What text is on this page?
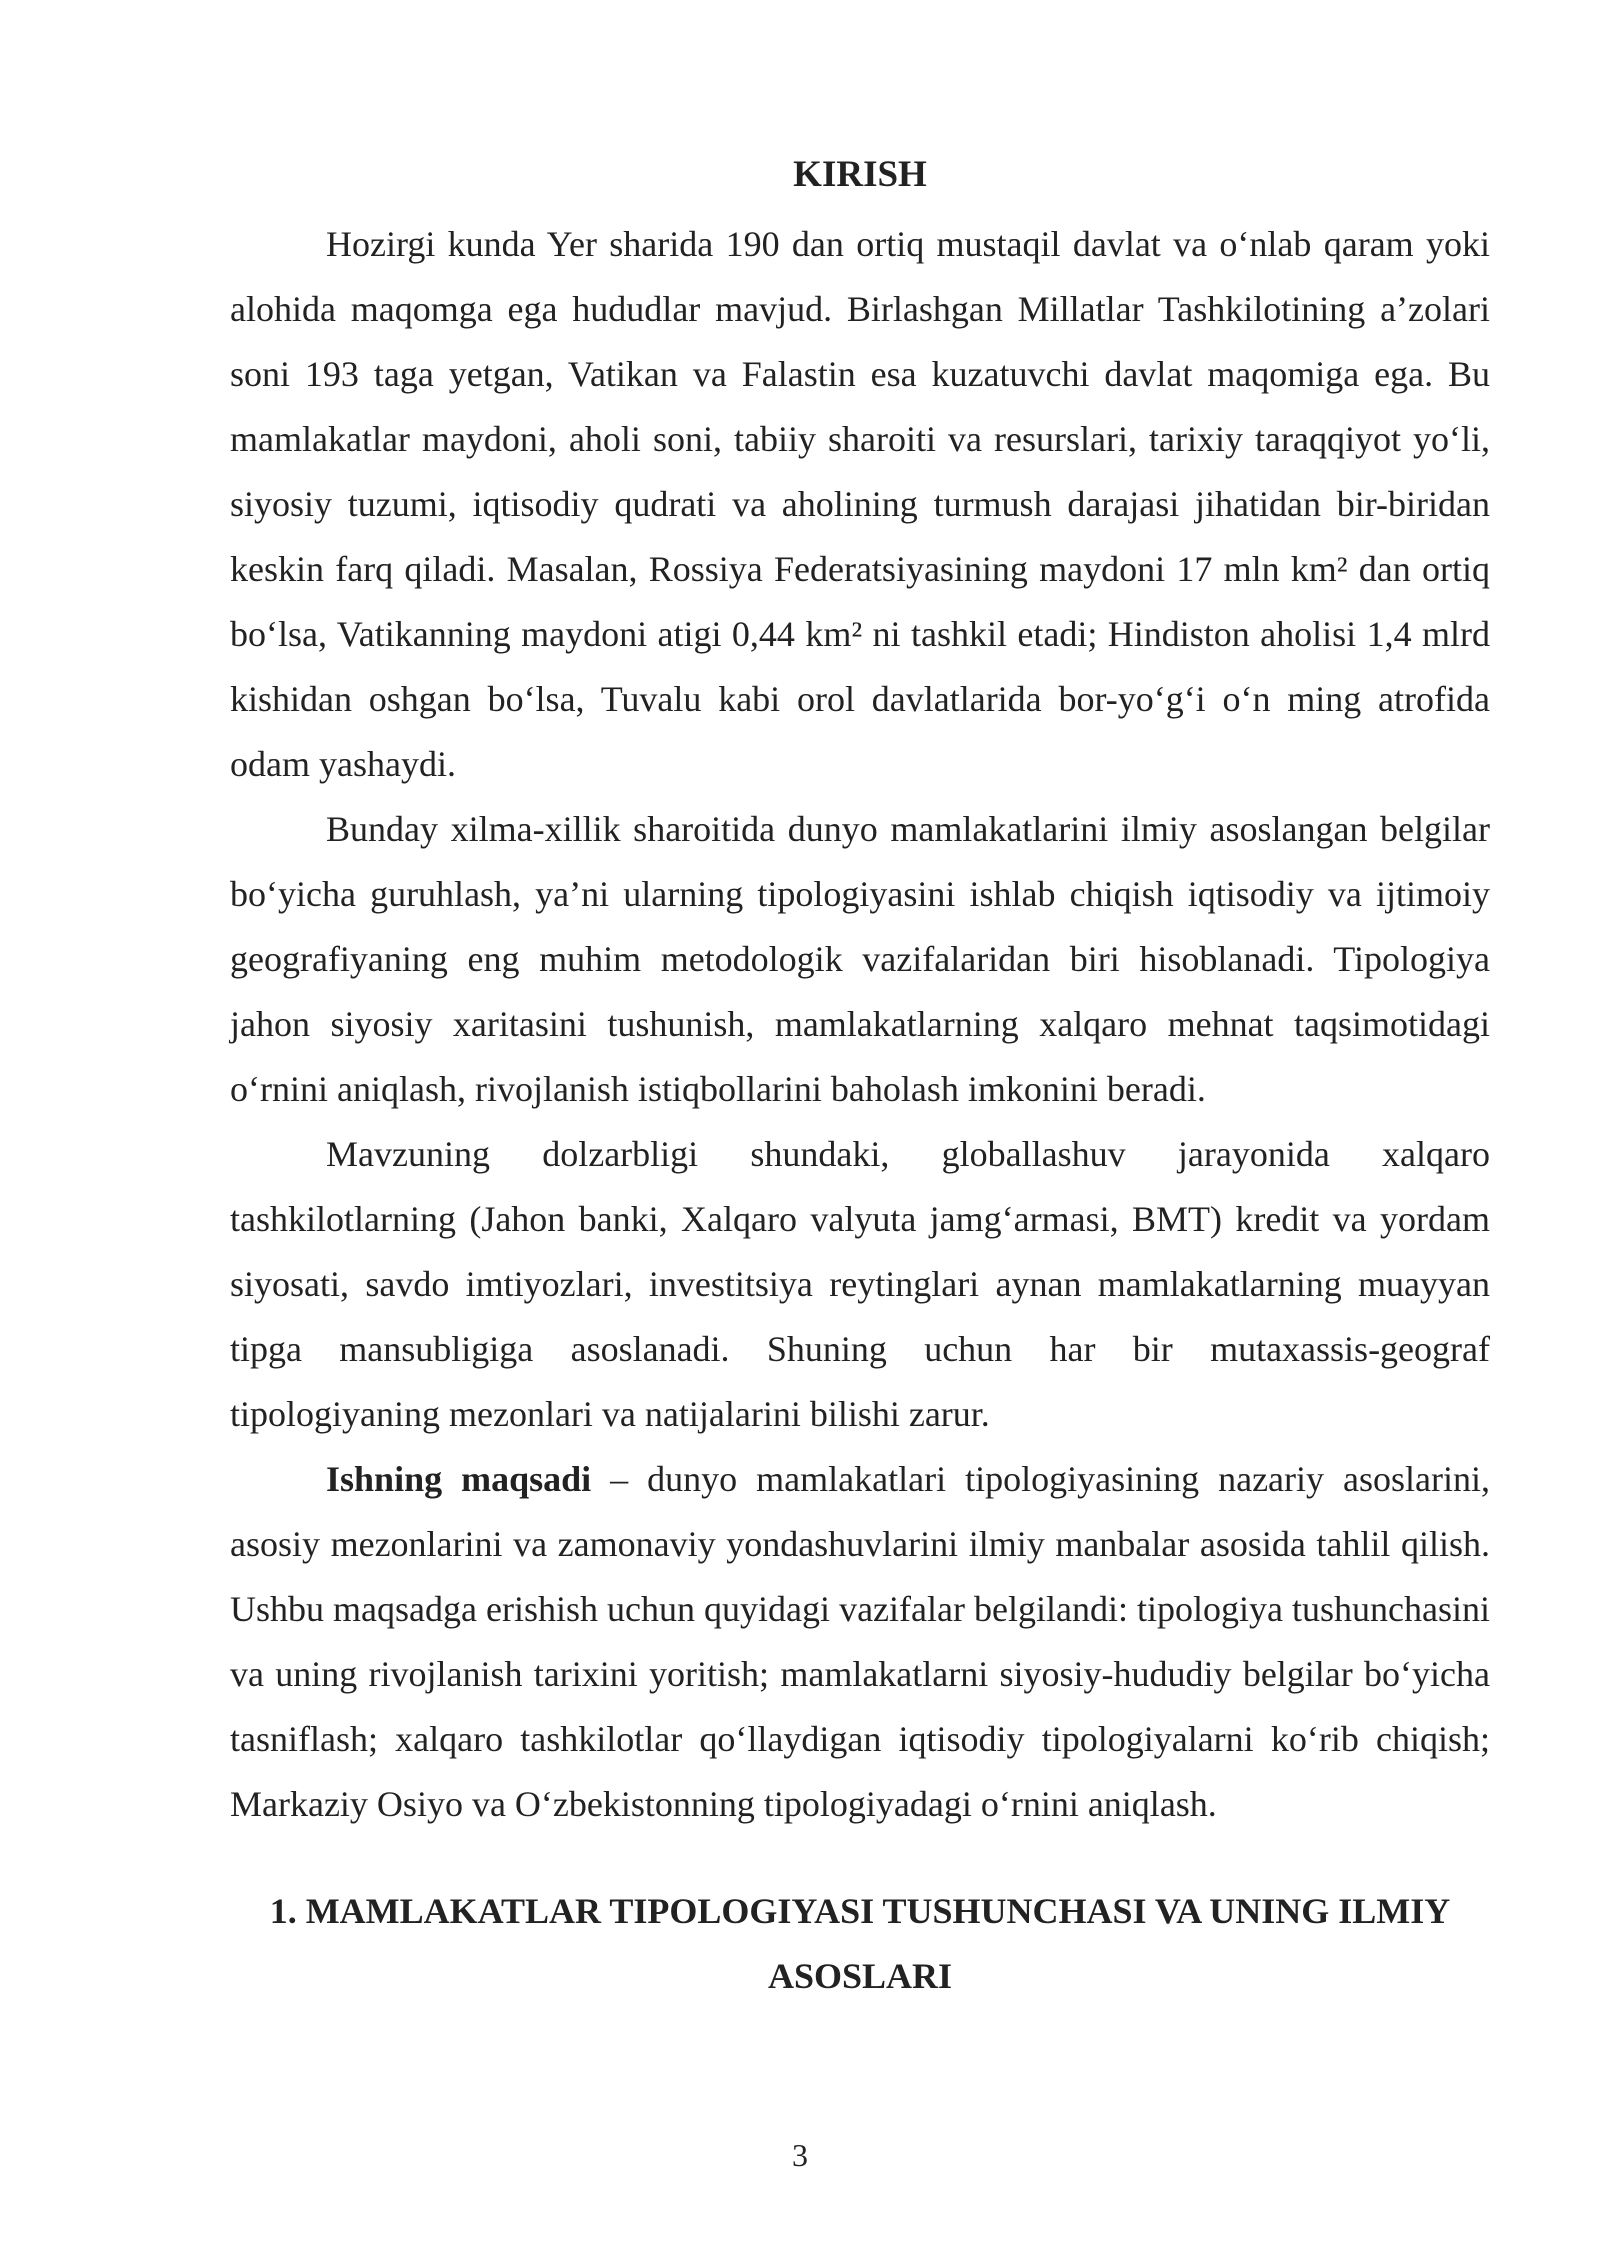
KIRISH

Hozirgi kunda Yer sharida 190 dan ortiq mustaqil davlat va o‘nlab qaram yoki alohida maqomga ega hududlar mavjud. Birlashgan Millatlar Tashkilotining a’zolari soni 193 taga yetgan, Vatikan va Falastin esa kuzatuvchi davlat maqomiga ega. Bu mamlakatlar maydoni, aholi soni, tabiiy sharoiti va resurslari, tarixiy taraqqiyot yo‘li, siyosiy tuzumi, iqtisodiy qudrati va aholining turmush darajasi jihatidan bir-biridan keskin farq qiladi. Masalan, Rossiya Federatsiyasining maydoni 17 mln km² dan ortiq bo‘lsa, Vatikanning maydoni atigi 0,44 km² ni tashkil etadi; Hindiston aholisi 1,4 mlrd kishidan oshgan bo‘lsa, Tuvalu kabi orol davlatlarida bor-yo‘g‘i o‘n ming atrofida odam yashaydi.

Bunday xilma-xillik sharoitida dunyo mamlakatlarini ilmiy asoslangan belgilar bo‘yicha guruhlash, ya’ni ularning tipologiyasini ishlab chiqish iqtisodiy va ijtimoiy geografiyaning eng muhim metodologik vazifalaridan biri hisoblanadi. Tipologiya jahon siyosiy xaritasini tushunish, mamlakatlarning xalqaro mehnat taqsimotidagi o‘rnini aniqlash, rivojlanish istiqbollarini baholash imkonini beradi.

Mavzuning dolzarbligi shundaki, globallashuv jarayonida xalqaro tashkilotlarning (Jahon banki, Xalqaro valyuta jamg‘armasi, BMT) kredit va yordam siyosati, savdo imtiyozlari, investitsiya reytinglari aynan mamlakatlarning muayyan tipga mansubligiga asoslanadi. Shuning uchun har bir mutaxassis-geograf tipologiyaning mezonlari va natijalarini bilishi zarur.

Ishning maqsadi – dunyo mamlakatlari tipologiyasining nazariy asoslarini, asosiy mezonlarini va zamonaviy yondashuvlarini ilmiy manbalar asosida tahlil qilish. Ushbu maqsadga erishish uchun quyidagi vazifalar belgilandi: tipologiya tushunchasini va uning rivojlanish tarixini yoritish; mamlakatlarni siyosiy-hududiy belgilar bo‘yicha tasniflash; xalqaro tashkilotlar qo‘llaydigan iqtisodiy tipologiyalarni ko‘rib chiqish; Markaziy Osiyo va O‘zbekistonning tipologiyadagi o‘rnini aniqlash.

1. MAMLAKATLAR TIPOLOGIYASI TUSHUNCHASI VA UNING ILMIY ASOSLARI
3
